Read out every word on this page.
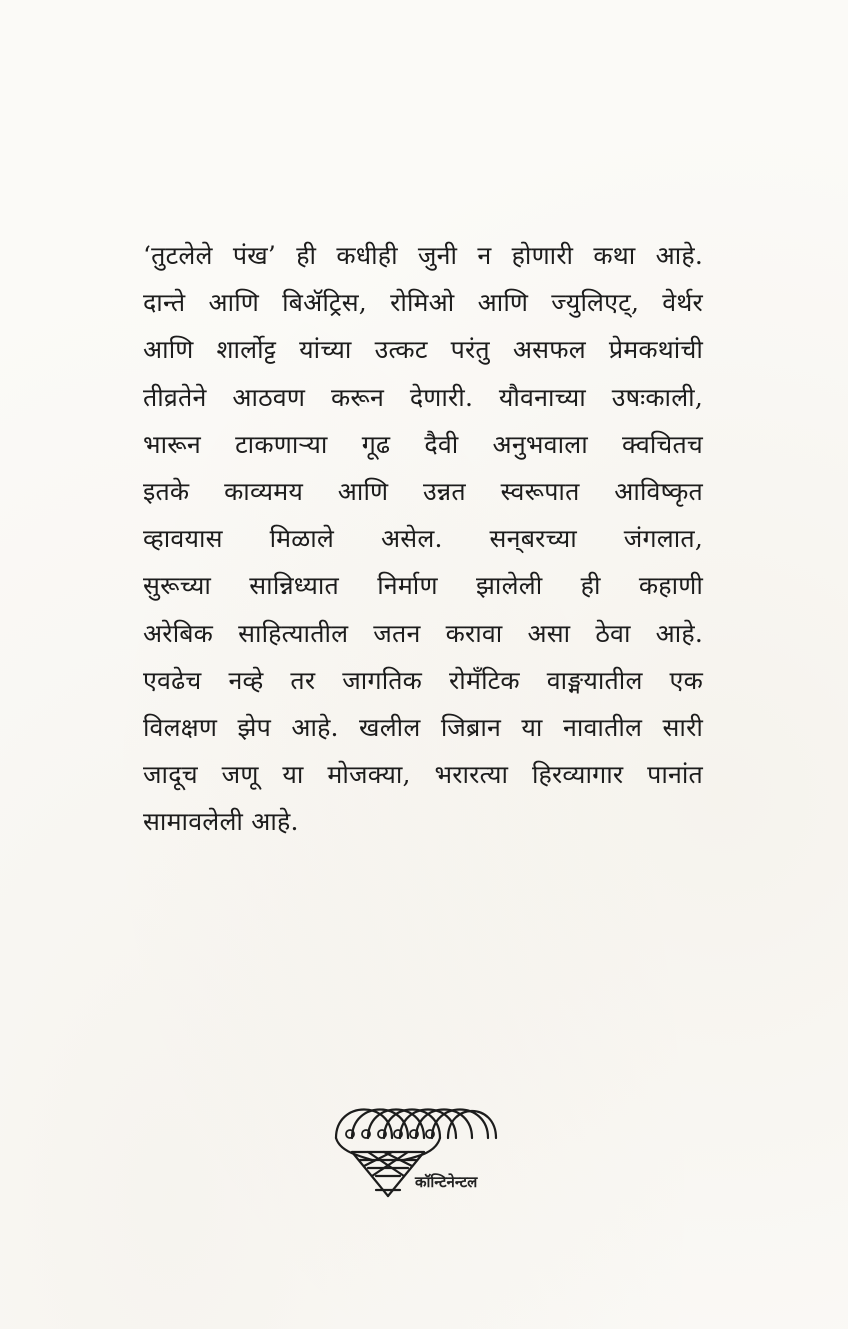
‘तुटलेले पंख’ ही कधीही जुनी न होणारी कथा आहे.
दान्ते आणि बिॲट्रिस, रोमिओ आणि ज्युलिएट्, वेर्थर
आणि शार्लोट्ट यांच्या उत्कट परंतु असफल प्रेमकथांची
तीव्रतेने आठवण करून देणारी. यौवनाच्या उषःकाली,
भारून टाकणाऱ्या गूढ दैवी अनुभवाला क्वचितच
इतके काव्यमय आणि उन्नत स्वरूपात आविष्कृत
व्हावयास मिळाले असेल. सन्‌बरच्या जंगलात,
सुरूच्या सान्निध्यात निर्माण झालेली ही कहाणी
अरेबिक साहित्यातील जतन करावा असा ठेवा आहे.
एवढेच नव्हे तर जागतिक रोमँटिक वाङ्मयातील एक
विलक्षण झेप आहे. खलील जिब्रान या नावातील सारी
जादूच जणू या मोजक्या, भरारत्या हिरव्यागार पानांत
सामावलेली आहे.
कॉन्टिनेन्टल
